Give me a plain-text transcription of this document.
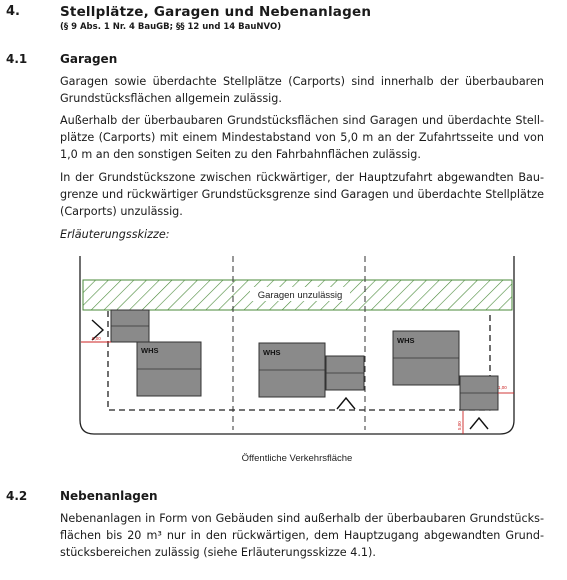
4.	Stellplätze, Garagen und Nebenanlagen
(§ 9 Abs. 1 Nr. 4 BauGB; §§ 12 und 14 BauNVO)
4.1	Garagen
Garagen sowie überdachte Stellplätze (Carports) sind innerhalb der überbaubaren
Grundstücksflächen allgemein zulässig.
Außerhalb der überbaubaren Grundstücksflächen sind Garagen und überdachte Stell-
plätze (Carports) mit einem Mindestabstand von 5,0 m an der Zufahrtsseite und von
1,0 m an den sonstigen Seiten zu den Fahrbahnflächen zulässig.
In der Grundstückszone zwischen rückwärtiger, der Hauptzufahrt abgewandten Bau-
grenze und rückwärtiger Grundstücksgrenze sind Garagen und überdachte Stellplätze
(Carports) unzulässig.
Erläuterungsskizze:
Garagen unzulässig
WHS
5,00
WHS
WHS
1,00
5,00
Öffentliche Verkehrsfläche
4.2	Nebenanlagen
Nebenanlagen in Form von Gebäuden sind außerhalb der überbaubaren Grundstücks-
flächen bis 20 m³ nur in den rückwärtigen, dem Hauptzugang abgewandten Grund-
stücksbereichen zulässig (siehe Erläuterungsskizze 4.1).
